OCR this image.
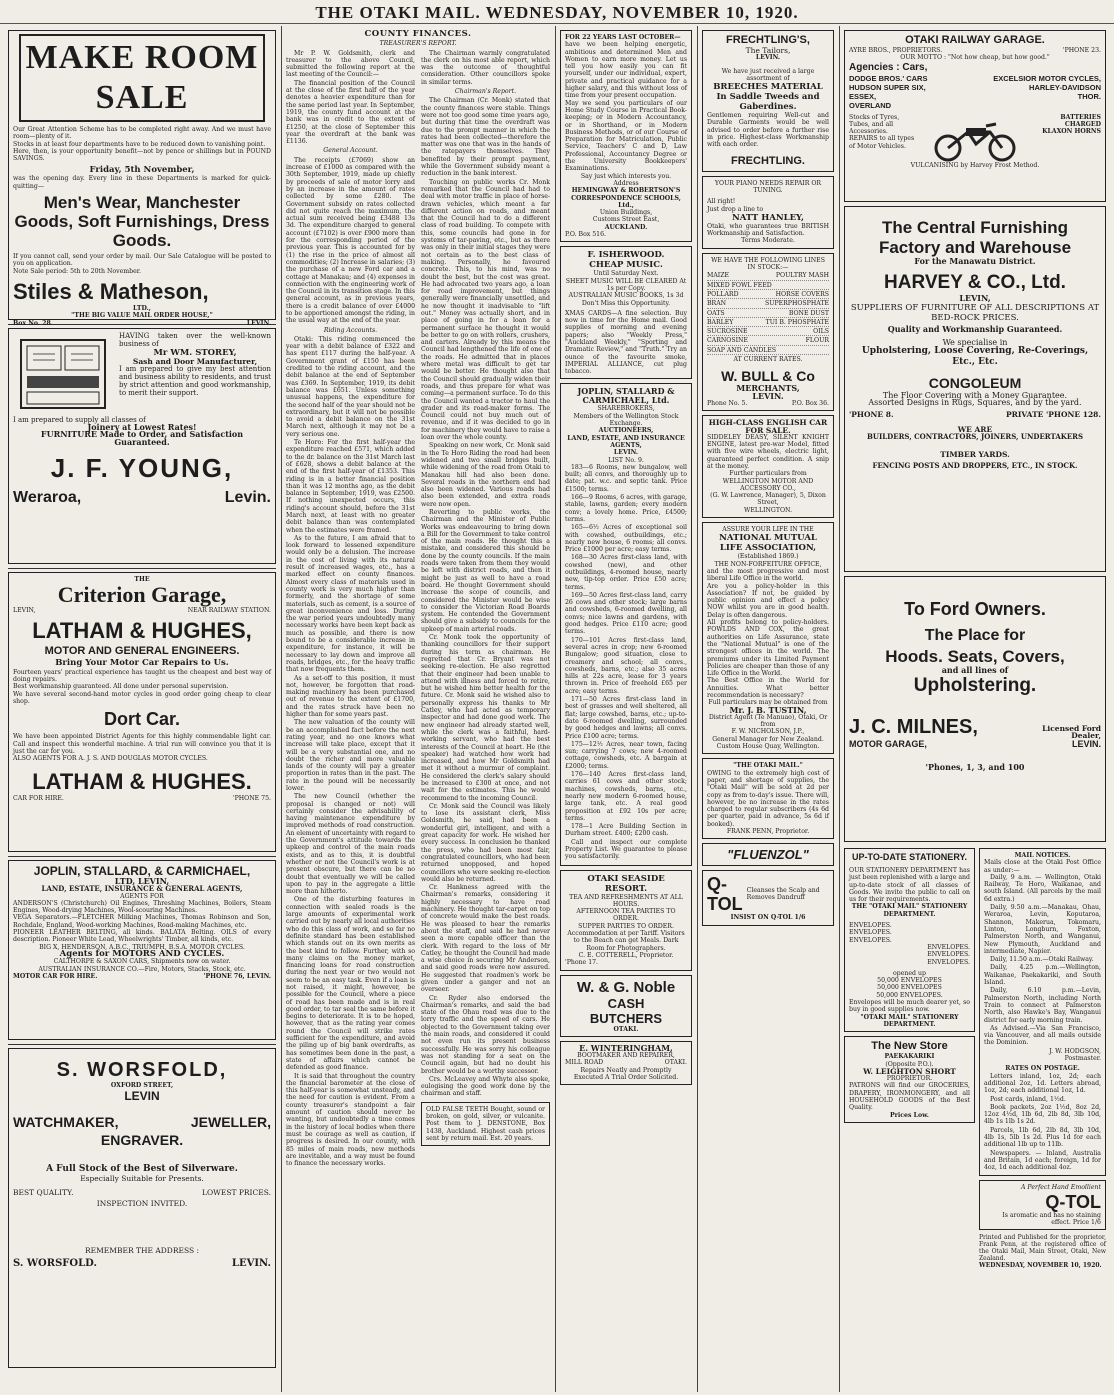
THE OTAKI MAIL. WEDNESDAY, NOVEMBER 10, 1920.
MAKE ROOM SALE
Our Great Attention Scheme has to be completed right away. And we must have room—plenty of it.
Stocks in at least four departments have to be reduced down to vanishing point.
Here, then, is your opportunity benefit—not by pence or shillings but in POUND SAVINGS.
Friday, 5th November,
was the opening day. Every line in these Departments is marked for quick-quitting—
Men's Wear, Manchester Goods, Soft Furnishings, Dress Goods.
If you cannot call, send your order by mail. Our Sale Catalogue will be posted to you on application.
Note Sale period: 5th to 20th November.
Stiles & Matheson,
LTD.,
"THE BIG VALUE MAIL ORDER HOUSE,"
Box No. 28.	LEVIN.
HAVING taken over the well-known business of
Mr WM. STOREY,
Sash and Door Manufacturer,
I am prepared to give my best attention and business ability to residents, and trust by strict attention and good workmanship, to merit their support.
I am prepared to supply all classes of
Joinery at Lowest Rates!
FURNITURE Made to Order, and Satisfaction Guaranteed.
J. F. YOUNG,
Weraroa,	Levin.
THE
Criterion Garage,
LEVIN,	NEAR RAILWAY STATION.
LATHAM & HUGHES,
MOTOR AND GENERAL ENGINEERS.
Bring Your Motor Car Repairs to Us.
Fourteen years' practical experience has taught us the cheapest and best way of doing repairs.
Best workmanship guaranteed. All done under personal supervision.
We have several second-hand motor cycles in good order going cheap to clear shop.
Dort Car.
We have been appointed District Agents for this highly commendable light car. Call and inspect this wonderful machine. A trial run will convince you that it is just the car for you.
ALSO AGENTS FOR A. J. S. AND DOUGLAS MOTOR CYCLES.
LATHAM & HUGHES.
CAR FOR HIRE.	'PHONE 75.
JOPLIN, STALLARD, & CARMICHAEL,
LTD, LEVIN,
LAND, ESTATE, INSURANCE & GENERAL AGENTS,
AGENTS FOR
ANDERSON'S (Christchurch) Oil Engines, Threshing Machines, Boilers, Steam Engines, Wood-drying Machines, Wool-scouring Machines.
VEGA Separators.—FLETCHER Milking Machines, Thomas Robinson and Son, Rochdale, England, Wood-working Machines, Road-making Machines, etc.
PIONEER LEATHER BELTING, all kinds. BALATA Belting. OILS of every description. Pioneer White Lead, Wheelwrights' Timber, all kinds, etc.
BIG X, HENDERSON, A.B.C., TRIUMPH, B.S.A. MOTOR CYCLES.
Agents for MOTORS AND CYCLES.
CALTHORPE & SAXON CARS, Shipments now on water.
AUSTRALIAN INSURANCE CO.—Fire, Motors, Stacks, Stock, etc.
MOTOR CAR FOR HIRE.	'PHONE 76, LEVIN.
S. WORSFOLD,
OXFORD STREET,
LEVIN
WATCHMAKER,	JEWELLER,
ENGRAVER.
A Full Stock of the Best of Silverware.
Especially Suitable for Presents.
BEST QUALITY.	LOWEST PRICES.
INSPECTION INVITED.
REMEMBER THE ADDRESS :
S. WORSFOLD.	LEVIN.
COUNTY FINANCES.
TREASURER'S REPORT.

Mr P. W. Goldsmith, clerk and treasurer to the above Council, submitted the following report at the last meeting of the Council:—

The financial position of the Council at the close of the first half of the year denotes a heavier expenditure than for the same period last year. In September, 1919, the county fund account at the bank was in credit to the extent of £1250, at the close of September this year the overdraft at the bank was £1136.

General Account.

The receipts (£7069) show an increase of £1000 as compared with the 30th September, 1919, made up chiefly by proceeds of sale of motor lorry and by an increase in the amount of rates collected by some £280. The Government subsidy on rates collected did not quite reach the maximum, the actual sum received being £3488 13s 3d. The expenditure charged to general account (£7102) is over £900 more than for the corresponding period of the previous year. This is accounted for by (1) the rise in the price of almost all commodities; (2) Increase in salaries; (3) the purchase of a new Ford car and a cottage at Manakau; and (4) expenses in connection with the engineering work of the Council in its transition stage. In this general account, as in previous years, there is a credit balance of over £4000 to be apportioned amongst the riding, in the usual way at the end of the year.

Riding Accounts.

Otaki: This riding commenced the year with a debit balance of £322 and has spent £117 during the half-year. A Government grant of £150 has been credited to the riding account, and the debit balance at the end of September was £369. In September, 1919, its debit balance was £651. Unless something unusual happens, the expenditure for the second half of the year should not be extraordinary, but it will not be possible to avoid a debit balance on the 31st March next, although it may not be a very serious one.

Te Horo: For the first half-year the expenditure reached £571, which added to the dr. balance on the 31st March last of £628, shows a debit balance at the end of the first half-year of £1353. This riding is in a better financial position than it was 12 months ago, as the debit balance in September, 1919, was £2500. If nothing unexpected occurs, this riding's account should, before the 31st March next, at least with no greater debit balance than was contemplated when the estimates were framed.

As to the future, I am afraid that to look forward to lessened expenditure would only be a delusion. The increase in the cost of living with its natural result of increased wages, etc., has a marked effect on county finances. Almost every class of materials used in county work is very much higher than formerly, and the shortage of some materials, such as cement, is a source of great inconvenience and loss. During the war period years undoubtedly many necessary works have been kept back as much as possible, and there is now bound to be a considerable increase in expenditure, for instance, it will be necessary to lay down and improve all roads, bridges, etc., for the heavy traffic that now frequents them.

As a set-off to this position, it must not, however, be forgotten that road-making machinery has been purchased out of revenue to the extent of £1700, and the rates struck have been no higher than for some years past.

The new valuation of the county will be an accomplished fact before the next rating year, and no one knows what increase will take place, except that it will be a very substantial one, and no doubt the richer and more valuable lands of the county will pay a greater proportion in rates than in the past. The rate in the pound will be necessarily lower.

The new Council (whether the proposal is changed or not) will certainly consider the advisability of having maintenance expenditure by improved methods of road construction. An element of uncertainty with regard to the Government's attitude towards the upkeep and control of the main roads exists, and as to this, it is doubtful whether or not the Council's work is at present obscure, but there can be no doubt that eventually we will be called upon to pay in the aggregate a little more than hitherto.

One of the disturbing features in connection with sealed roads is the large amounts of experimental work carried out by nearly all local authorities who do this class of work, and so far no definite standard has been established which stands out on its own merits as the best kind to follow. Further, with so many claims on the money market, financing loans for road construction during the next year or two would not seem to be an easy task. Even if a loan is not raised, it might, however, be possible for the Council, where a piece of road has been made and is in real good order, to tar seal the same before it begins to deteriorate. It is to be hoped, however, that as the rating year comes round the Council will strike rates sufficient for the expenditure, and avoid the piling up of big bank overdrafts, as has sometimes been done in the past, a state of affairs which cannot be defended as good finance.

It is said that throughout the country the financial barometer at the close of this half-year is somewhat unsteady, and the need for caution is evident. From a county treasurer's standpoint a fair amount of caution should never be wanting, but undoubtedly a time comes in the history of local bodies when there must be courage as well as caution, if progress is desired. In our county, with 85 miles of main roads, new methods are inevitable, and a way must be found to finance the necessary works.

The Chairman warmly congratulated the clerk on his most able report, which was the outcome of thoughtful consideration. Other councillors spoke in similar terms.

Chairman's Report.

The Chairman (Cr. Monk) stated that the county finances were stable. Things were not too good some time years ago, but during that time the overdraft was due to the prompt manner in which the rates had been collected—therefore the matter was one that was in the hands of the ratepayers themselves. They benefited by their prompt payment, while the Government subsidy meant a reduction in the bank interest.

Touching on public works Cr. Monk remarked that the Council had had to deal with motor traffic in place of horse-drawn vehicles, which meant a far different action on roads, and meant that the Council had to do a different class of road building. To compete with this, some councils had gone in for systems of tar-paving, etc., but as there was only in their initial stages they were not certain as to the best class of making. Personally, he favoured concrete. This, to his mind, was no doubt the best, but the cost was great. He had advocated two years ago, a loan for road improvement, but things generally were financially unsettled, and he now thought it inadvisable to "lift out." Money was actually short, and in place of going in for a loan for a permanent surface he thought it would be better to go on with rollers, crushers, and carters. Already by this means the Council had lengthened the life of one of the roads. He admitted that in places where metal was difficult to get tar would be better. He thought also that the Council should gradually widen their roads, and thus prepare for what was coming—a permanent surface. To do this the Council wanted a tractor to haul the grader and its road-maker forms. The Council could not buy much out of revenue, and if it was decided to go in for machinery they would have to raise a loan over the whole county.

Speaking on new work, Cr. Monk said in the Te Horo Riding the road had been widened and two small bridges built, while widening of the road from Otaki to Manakau hill had also been done. Several roads in the northern end had also been widened. Various roads had also been extended, and extra roads were now open.

Reverting to public works, the Chairman and the Minister of Public Works was endeavouring to bring down a Bill for the Government to take control of the main roads. He thought this a mistake, and considered this should be done by the county councils. If the main roads were taken from them they would be left with district roads, and then it might be just as well to have a road board. He thought Government should increase the scope of councils, and considered the Minister would be wise to consider the Victorian Road Boards system. He contended the Government should give a subsidy to councils for the upkeep of main arterial roads.

Cr. Monk took the opportunity of thanking councillors for their support during his term as chairman. He regretted that Cr. Bryant was not seeking re-election. He also regretted that their engineer had been unable to attend with illness and forced to retire, but he wished him better health for the future. Cr. Monk said he wished also to personally express his thanks to Mr Catley, who had acted as temporary inspector and had done good work. The new engineer had already started well, while the clerk was a faithful, hard-working servant, who had the best interests of the Council at heart. He (the speaker) had watched how work had increased, and how Mr Goldsmith had met it without a murmur of complaint. He considered the clerk's salary should be increased to £300 at once, and not wait for the estimates. This he would recommend to the incoming Council.

Cr. Monk said the Council was likely to lose its assistant clerk, Miss Goldsmith, he said, had been a wonderful girl, intelligent, and with a great capacity for work. He wished her every success. In conclusion he thanked the press, who had been most fair, congratulated councillors, who had been returned unopposed, and hoped councillors who were seeking re-election would also be returned.

Cr. Hankness agreed with the Chairman's remarks, considering it highly necessary to have road machinery. He thought tar-carpet on top of concrete would make the best roads. He was pleased to hear the remarks about the staff, and said he had never seen a more capable officer than the clerk. With regard to the loss of Mr Catley, he thought the Council had made a wise choice in securing Mr Anderson, and said good roads were now assured. He suggested that roadmen's work be given under a ganger and not an overseer.

Cr. Ryder also endorsed the Chairman's remarks, and said the bad state of the Ohau road was due to the lorry traffic and the speed of cars. He objected to the Government taking over the main roads, and considered it could not even run its present business successfully. He was sorry his colleague was not standing for a seat on the Council again, but had no doubt his brother would be a worthy successor.

Crs. McLeavey and Whyte also spoke, eulogising the good work done by the chairman and staff.

OLD FALSE TEETH Bought, sound or broken, on gold, silver, or vulcanite. Post them to J. DENSTONE, Box 1438, Auckland. Highest cash prices sent by return mail. Est. 20 years.
FOR 22 YEARS LAST OCTOBER—
have we been helping energetic, ambitious and determined Men and Women to earn more money. Let us tell you how easily you can fit yourself, under our individual, expert, private and practical guidance for a higher salary, and this without loss of time from your present occupation.
May we send you particulars of our Home Study Course in Practical Book-keeping; or in Modern Accountancy, or in Shorthand, or in Modern Business Methods, or of our Course of Preparation for Matriculation, Public Service, Teachers' C and D, Law Professional, Accountancy Degree or the University Bookkeepers' Examinations.
Say just which interests you.
Address
HEMINGWAY & ROBERTSON'S CORRESPONDENCE SCHOOLS, Ltd.,
Union Buildings,
Customs Street East,
AUCKLAND.
P.O. Box 516.
F. ISHERWOOD.
CHEAP MUSIC.
Until Saturday Next.
SHEET MUSIC WILL BE CLEARED At 1s per Copy.
AUSTRALIAN MUSIC BOOKS, 1s 3d Don't Miss this Opportunity.
XMAS CARDS—A fine selection. Buy now in time for the Home mail. Good supplies of morning and evening papers; also "Weekly Press," "Auckland Weekly," "Sporting and Dramatic Review," and "Truth." Try an ounce of the favourite smoke, IMPERIAL ALLIANCE, cut plug tobacco.
JOPLIN, STALLARD & CARMICHAEL, Ltd.
SHAREBROKERS,
Members of the Wellington Stock Exchange.
AUCTIONEERS,
LAND, ESTATE, AND INSURANCE AGENTS,
LEVIN.
LIST No. 9.
183—6 Rooms, new bungalow, well built; all convs, and thoroughly up to date; pat. w.c. and septic tank. Price £1500; terms.
166—9 Rooms, 6 acres, with garage, stable, lawns, garden; every modern conv; a lovely home. Price, £4500; terms.
165—6½ Acres of exceptional soil with cowshed, outbuildings, etc.; nearly new house, 6 rooms; all convs. Price £1000 per acre; easy terms.
168—30 Acres first-class land, with cowshed (new), and other outbuildings, 4-roomed house, nearly new, tip-top order. Price £50 acre; terms.
169—50 Acres first-class land, carry 26 cows and other stock; large barns and cowsheds, 6-roomed dwelling, all convs; nice lawns and gardens, with good hedges. Price £110 acre; good terms.
170—101 Acres first-class land, several acres in crop; new 6-roomed Bungalow; good situation, close to creamery and school; all convs., cowsheds, barns, etc.; also 35 acres hills at 22s acre, lease for 3 years thrown in. Price of freehold £65 per acre; easy terms.
171—50 Acres first-class land in best of grasses and well sheltered, all flat; large cowshed, barns, etc.; up-to-date 6-roomed dwelling, surrounded by good hedges and lawns; all convs. Price £100 acre; terms.
175—12½ Acres, near town, facing sun; carrying 7 cows; new 4-roomed cottage, cowsheds, etc. A bargain at £2000; terms.
176—140 Acres first-class land, carries 61 cows and other stock; machines, cowsheds, barns, etc., nearly new modern 6-roomed house, large tank, etc. A real good proposition at £92 10s per acre; terms.
178—1 Acre Building Section in Durham street. £400; £200 cash.
Call and inspect our complete Property List. We guarantee to please you satisfactorily.
OTAKI SEASIDE RESORT.
TEA AND REFRESHMENTS AT ALL HOURS.
AFTERNOON TEA PARTIES TO ORDER.
SUPPER PARTIES TO ORDER. Accommodation at per Tariff. Visitors to the Beach can get Meals. Dark Room for Photographers.
C. E. COTTERELL, Proprietor.
'Phone 17.
W. & G. Noble
CASH
BUTCHERS
OTAKI.
E. WINTERINGHAM,
BOOTMAKER AND REPAIRER,
MILL ROAD	OTAKI.
Repairs Neatly and Promptly Executed A Trial Order Solicited.
FRECHTLING'S,
The Tailors,
LEVIN.
We have just received a large assortment of
BREECHES MATERIAL In Saddle Tweeds and Gaberdines.
Gentlemen requiring Well-cut and Durable Garments would be well advised to order before a further rise in price. Highest-class Workmanship with each order.
FRECHTLING.
YOUR PIANO NEEDS REPAIR OR TUNING.
All right!
Just drop a line to
NATT HANLEY,
Otaki, who guarantees true BRITISH Workmanship and Satisfaction.
Terms Moderate.
WE HAVE THE FOLLOWING LINES IN STOCK:—
MAIZE	POULTRY MASH
MIXED FOWL FEED
POLLARD	HORSE COVERS
BRAN	SUPERPHOSPHATE
OATS	BONE DUST
BARLEY	TUI B. PHOSPHATE
SUCROSINE	OILS
CARNOSINE	FLOUR
SOAP AND CANDLES
AT CURRENT RATES.
W. BULL & Co
MERCHANTS,
LEVIN.
Phone No. 5.	P.O. Box 36.
HIGH-CLASS ENGLISH CAR FOR SALE.
SIDDELEY DEASY, SILENT KNIGHT ENGINE, latest pre-war Model, fitted with five wire wheels, electric light, guaranteed perfect condition. A snip at the money.
Further particulars from
WELLINGTON MOTOR AND ACCESSORY CO.,
(G. W. Lawrence, Manager), 5, Dixon Street,
WELLINGTON.
ASSURE YOUR LIFE IN THE
NATIONAL MUTUAL LIFE ASSOCIATION,
(Established 1869.)
THE NON-FORFEITURE OFFICE,
and the most progressive and most liberal Life Office in the world.
Are you a policy-holder in this Association? If not, be guided by public opinion and effect a policy NOW whilst you are in good health. Delay is often dangerous.
All profits belong to policy-holders. FOWLDS AND COX, the great authorities on Life Assurance, state the "National Mutual" is one of the strongest offices in the world. The premiums under its Limited Payment Policies are cheaper than those of any Life Office in the World.
The Best Office in the World for Annuities. What better recommendation is necessary?
Full particulars may be obtained from
Mr. J. B. TUSTIN,
District Agent (Te Manuao), Otaki, Or from
F. W. NICHOLSON, J.P.,
General Manager for New Zealand. Custom House Quay, Wellington.
"THE OTAKI MAIL."
OWING to the extremely high cost of paper, and shortage of supplies, the "Otaki Mail" will be sold at 2d per copy as from to-day's issue. There will, however, be no increase in the rates charged to regular subscribers (4s 6d per quarter, paid in advance, 5s 6d if booked).
FRANK PENN, Proprietor.
"FLUENZOL"
Q-TOL
Cleanses the Scalp and Removes Dandruff
INSIST ON Q-TOL 1/6
OTAKI RAILWAY GARAGE.
AYRE BROS., PROPRIETORS.	'PHONE 23.
OUR MOTTO : "Not how cheap, but how good."
Agencies : Cars,
DODGE BROS.' CARS
HUDSON SUPER SIX,
ESSEX,
OVERLAND
EXCELSIOR MOTOR CYCLES,
HARLEY-DAVIDSON
THOR.
Stocks of Tyres, Tubes, and all Accessories.
REPAIRS to all types of Motor Vehicles.
BATTERIES CHARGED
KLAXON HORNS
VULCANISING by Harvey Frost Method.
The Central Furnishing
Factory and Warehouse
For the Manawatu District.
HARVEY & CO., Ltd.
LEVIN,
SUPPLIERS OF FURNITURE OF ALL DESCRIPTIONS AT BED-ROCK PRICES.
Quality and Workmanship Guaranteed.
We specialise in
Upholstering, Loose Covering, Re-Coverings, Etc., Etc.
CONGOLEUM
The Floor Covering with a Money Guarantee.
Assorted Designs in Rugs, Squares, and by the yard.
'PHONE 8.	PRIVATE 'PHONE 128.
WE ARE
BUILDERS, CONTRACTORS, JOINERS, UNDERTAKERS
TIMBER YARDS.
FENCING POSTS AND DROPPERS, ETC., IN STOCK.
To Ford Owners.
The Place for
Hoods. Seats, Covers,
and all lines of
Upholstering.
J. C. MILNES,	Licensed Ford Dealer,
MOTOR GARAGE,	LEVIN.
'Phones, 1, 3, and 100
UP-TO-DATE STATIONERY.
OUR STATIONERY DEPARTMENT has just been replenished with a large and up-to-date stock of all classes of Goods. We invite the public to call on us for their requirements.
THE "OTAKI MAIL" STATIONERY DEPARTMENT.
ENVELOPES.
ENVELOPES.
ENVELOPES.
ENVELOPES.
ENVELOPES.
ENVELOPES.
opened up
50,000 ENVELOPES
50,000 ENVELOPES
50,000 ENVELOPES.
Envelopes will be much dearer yet, so buy in good supplies now.
"OTAKI MAIL" STATIONERY DEPARTMENT.
The New Store
PAEKAKARIKI
(Opposite P.O.).
W. LEIGHTON SHORT
PROPRIETOR.
PATRONS will find our GROCERIES, DRAPERY, IRONMONGERY, and all HOUSEHOLD GOODS of the Best Quality.
Prices Low.
MAIL NOTICES.
Mails close at the Otaki Post Office as under:—
Daily, 9 a.m. — Wellington, Otaki Railway, Te Horo, Waikanae, and south Island. (All parcels by the mail 6d extra.)
Daily, 9.50 a.m.—Manakau, Ohau, Weraroa, Levin, Koputaroa, Shannon, Makerua, Tokomaru, Linton, Longburn, Foxton, Palmerston North, and Wanganui, New Plymouth, Auckland and intermediate, Napier.
Daily, 11.50 a.m.—Otaki Railway.
Daily, 4.25 p.m.—Wellington, Waikanae, Paekakariki, and South Island.
Daily, 6.10 p.m.—Levin, Palmerston North, including North Train to connect at Palmerston North, also Hawke's Bay, Wanganui district for early morning train.
As Advised.—Via San Francisco, via Vancouver, and all mails outside the Dominion.
J. W. HODGSON,
Postmaster.
RATES ON POSTAGE.
Letters inland, 1oz, 2d; each additional 2oz, 1d. Letters abroad, 1oz, 2d; each additional 1oz, 1d.
Post cards, inland, 1½d.
Book packets, 2oz 1½d, 8oz 2d, 12oz 4½d, 1lb 6d, 2lb 8d, 3lb 10d, 4lb 1s 1lb 1s 2d.
Parcels, 1lb 6d, 2lb 8d, 3lb 10d, 4lb 1s, 5lb 1s 2d. Plus 1d for each additional 1lb up to 11lb.
Newspapers. — Inland, Australia and Britain, 1d each; foreign, 1d for 4oz, 1d each additional 4oz.
A Perfect Hand Emollient
Q-TOL
Is aromatic and has no staining effect. Price 1/6
Printed and Published for the proprietor, Frank Penn, at the registered office of the Otaki Mail, Main Street, Otaki, New Zealand.
WEDNESDAY, NOVEMBER 10, 1920.
